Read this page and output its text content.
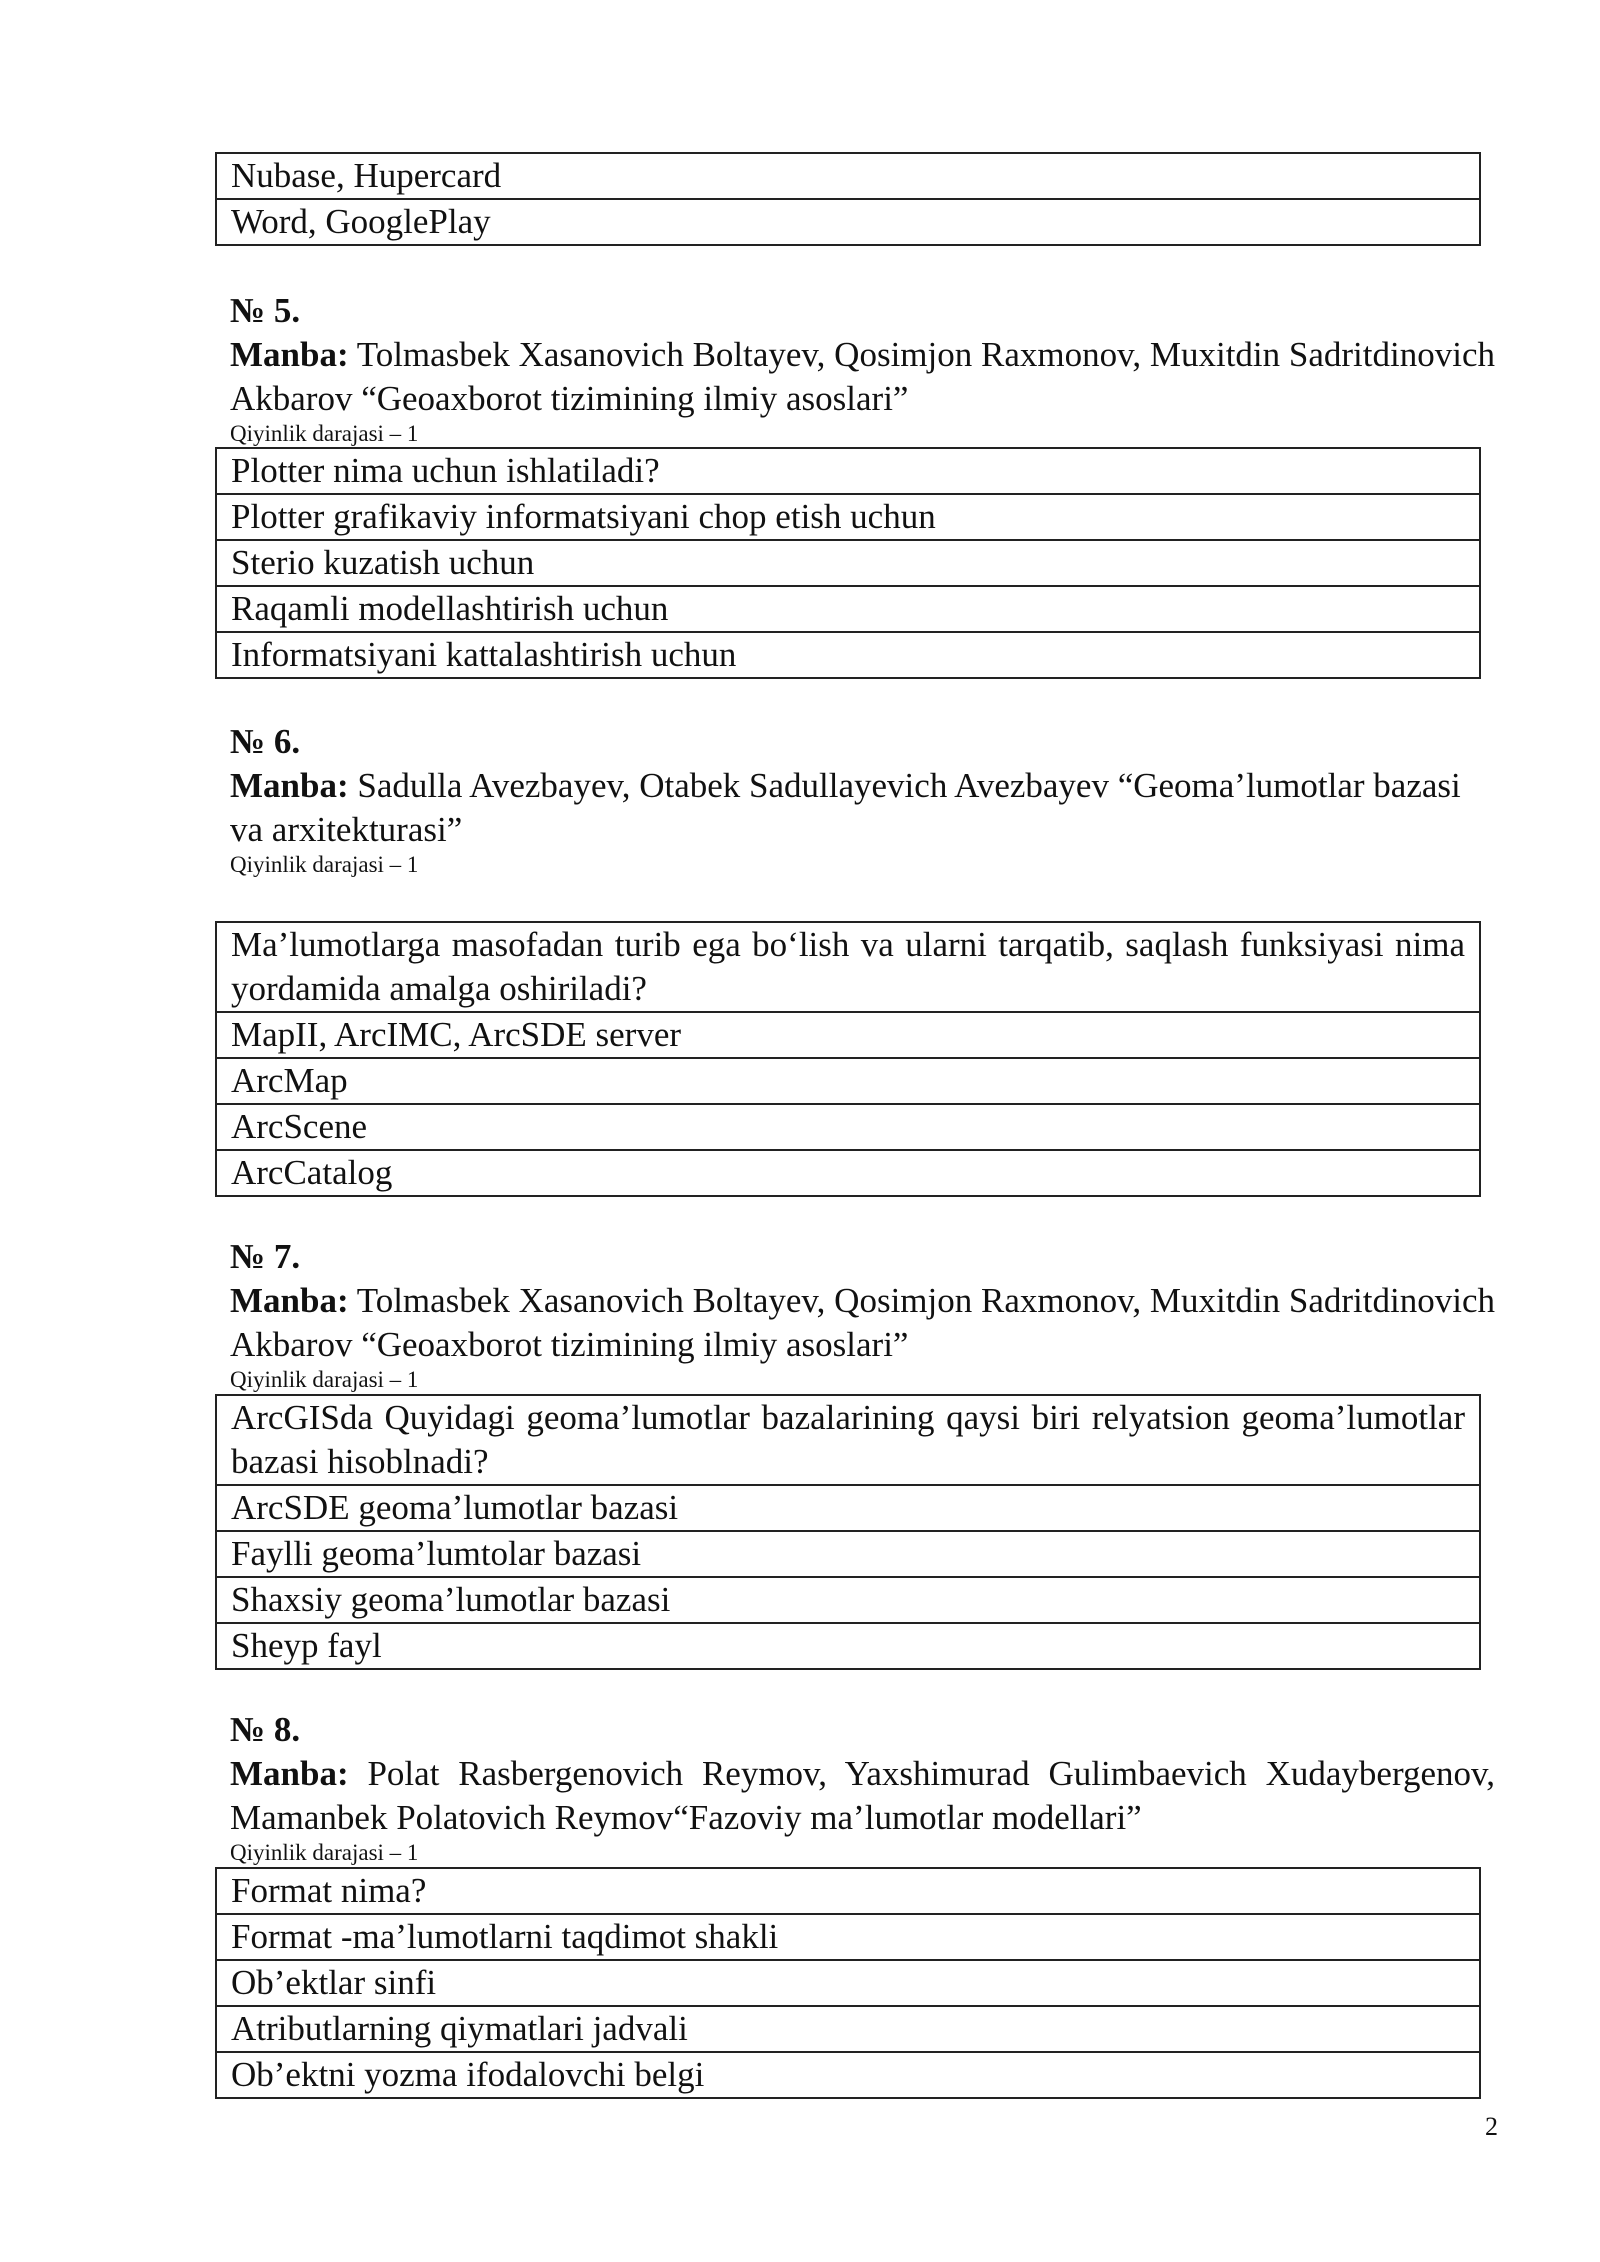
Nubase, Hupercard
Word, GooglePlay

№ 5.

Manba: Tolmasbek Xasanovich Boltayev, Qosimjon Raxmonov, Muxitdin Sadritdinovich Akbarov “Geoaxborot tizimining ilmiy asoslari”

Qiyinlik darajasi – 1

Plotter nima uchun ishlatiladi?
Plotter grafikaviy informatsiyani chop etish uchun
Sterio kuzatish uchun
Raqamli modellashtirish uchun
Informatsiyani kattalashtirish uchun

№ 6.

Manba: Sadulla Avezbayev, Otabek Sadullayevich Avezbayev “Geoma’lumotlar bazasi

va arxitekturasi”

Qiyinlik darajasi – 1

Ma’lumotlarga masofadan turib ega bo‘lish va ularni tarqatib, saqlash funksiyasi nima yordamida amalga oshiriladi?
MapII, ArcIMC, ArcSDE server
ArcMap
ArcScene
ArcCatalog

№ 7.

Manba: Tolmasbek Xasanovich Boltayev, Qosimjon Raxmonov, Muxitdin Sadritdinovich Akbarov “Geoaxborot tizimining ilmiy asoslari”

Qiyinlik darajasi – 1

ArcGISda Quyidagi geoma’lumotlar bazalarining qaysi biri relyatsion geoma’lumotlar bazasi hisoblnadi?
ArcSDE geoma’lumotlar bazasi
Faylli geoma’lumtolar bazasi
Shaxsiy geoma’lumotlar bazasi
Sheyp fayl

№ 8.

Manba: Polat Rasbergenovich Reymov, Yaxshimurad Gulimbaevich Xudaybergenov, Mamanbek Polatovich Reymov“Fazoviy ma’lumotlar modellari”

Qiyinlik darajasi – 1

Format nima?
Format -ma’lumotlarni taqdimot shakli
Ob’ektlar sinfi
Atributlarning qiymatlari jadvali
Ob’ektni yozma ifodalovchi belgi
2
